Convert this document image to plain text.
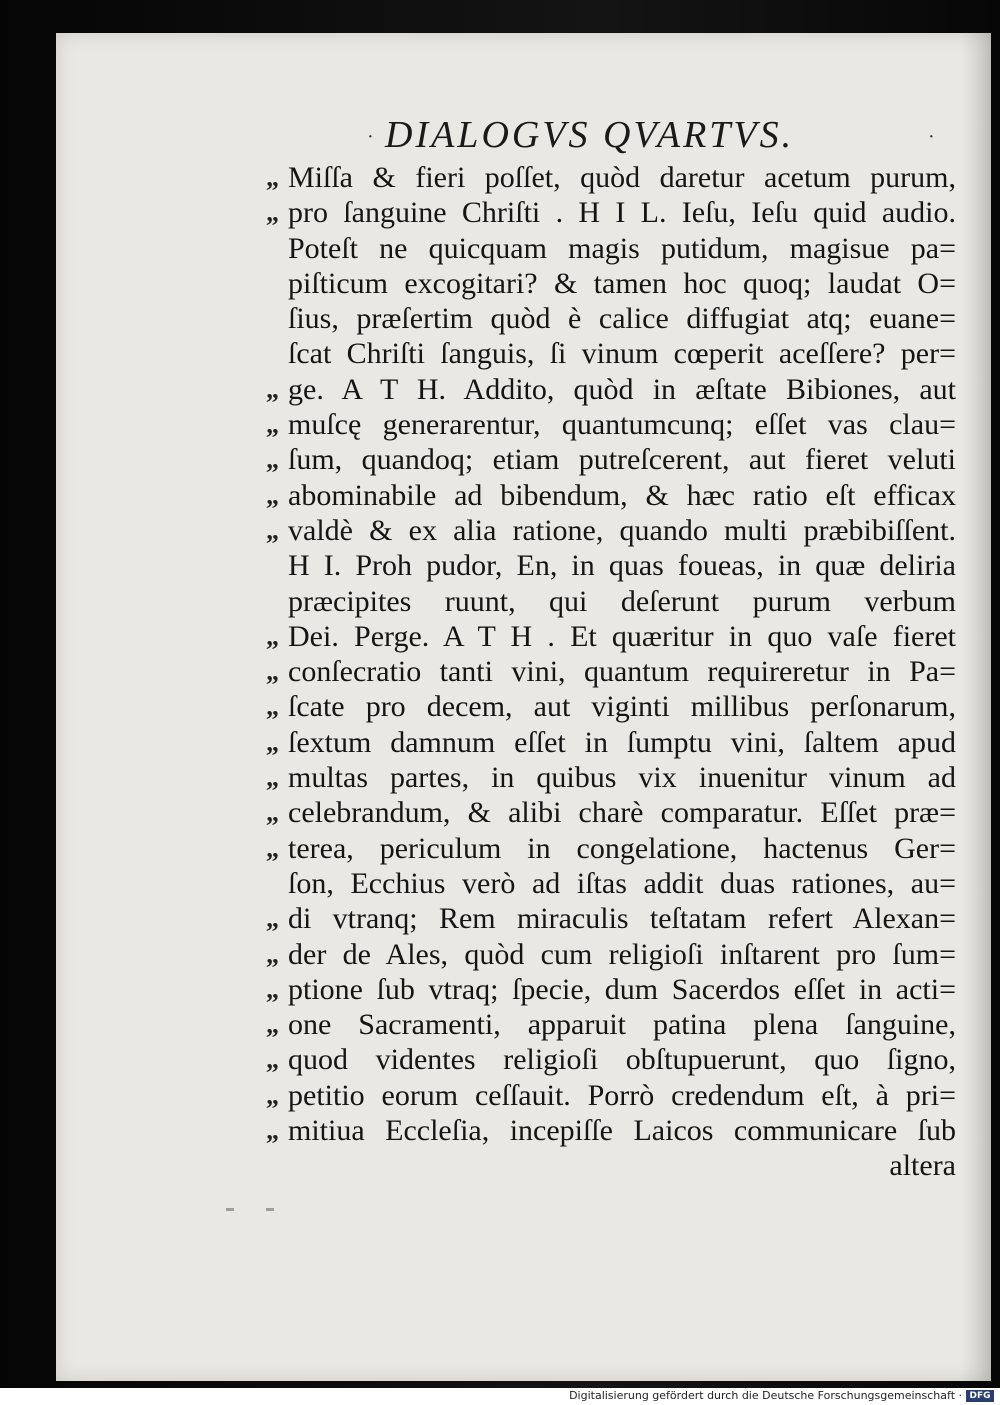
· DIALOGVS QVARTVS.	·
„ Miſſa & fieri poſſet, quòd daretur acetum purum,
„ pro ſanguine Chriſti . H I L. Ieſu, Ieſu quid audio.
Poteſt ne quicquam magis putidum, magisue pa=
piſticum excogitari? & tamen hoc quoq; laudat O=
ſius, præſertim quòd è calice diffugiat atq; euane=
ſcat Chriſti ſanguis, ſi vinum cœperit aceſſere? per=
„ ge. A T H. Addito, quòd in æſtate Bibiones, aut
„ muſcę generarentur, quantumcunq; eſſet vas clau=
„ ſum, quandoq; etiam putreſcerent, aut fieret veluti
„ abominabile ad bibendum, & hæc ratio eſt efficax
„ valdè & ex alia ratione, quando multi præbibiſſent.
H I. Proh pudor, En, in quas foueas, in quæ deliria
præcipites ruunt, qui deſerunt purum verbum
„ Dei. Perge. A T H . Et quæritur in quo vaſe fieret
„ conſecratio tanti vini, quantum requireretur in Pa=
„ ſcate pro decem, aut viginti millibus perſonarum,
„ ſextum damnum eſſet in ſumptu vini, ſaltem apud
„ multas partes, in quibus vix inuenitur vinum ad
„ celebrandum, & alibi charè comparatur. Eſſet præ=
„ terea, periculum in congelatione, hactenus Ger=
ſon, Ecchius verò ad iſtas addit duas rationes, au=
„ di vtranq; Rem miraculis teſtatam refert Alexan=
„ der de Ales, quòd cum religioſi inſtarent pro ſum=
„ ptione ſub vtraq; ſpecie, dum Sacerdos eſſet in acti=
„ one Sacramenti, apparuit patina plena ſanguine,
„ quod videntes religioſi obſtupuerunt, quo ſigno,
„ petitio eorum ceſſauit. Porrò credendum eſt, à pri=
„ mitiua Eccleſia, incepiſſe Laicos communicare ſub
altera
Digitalisierung gefördert durch die Deutsche Forschungsgemeinschaft · DFG
